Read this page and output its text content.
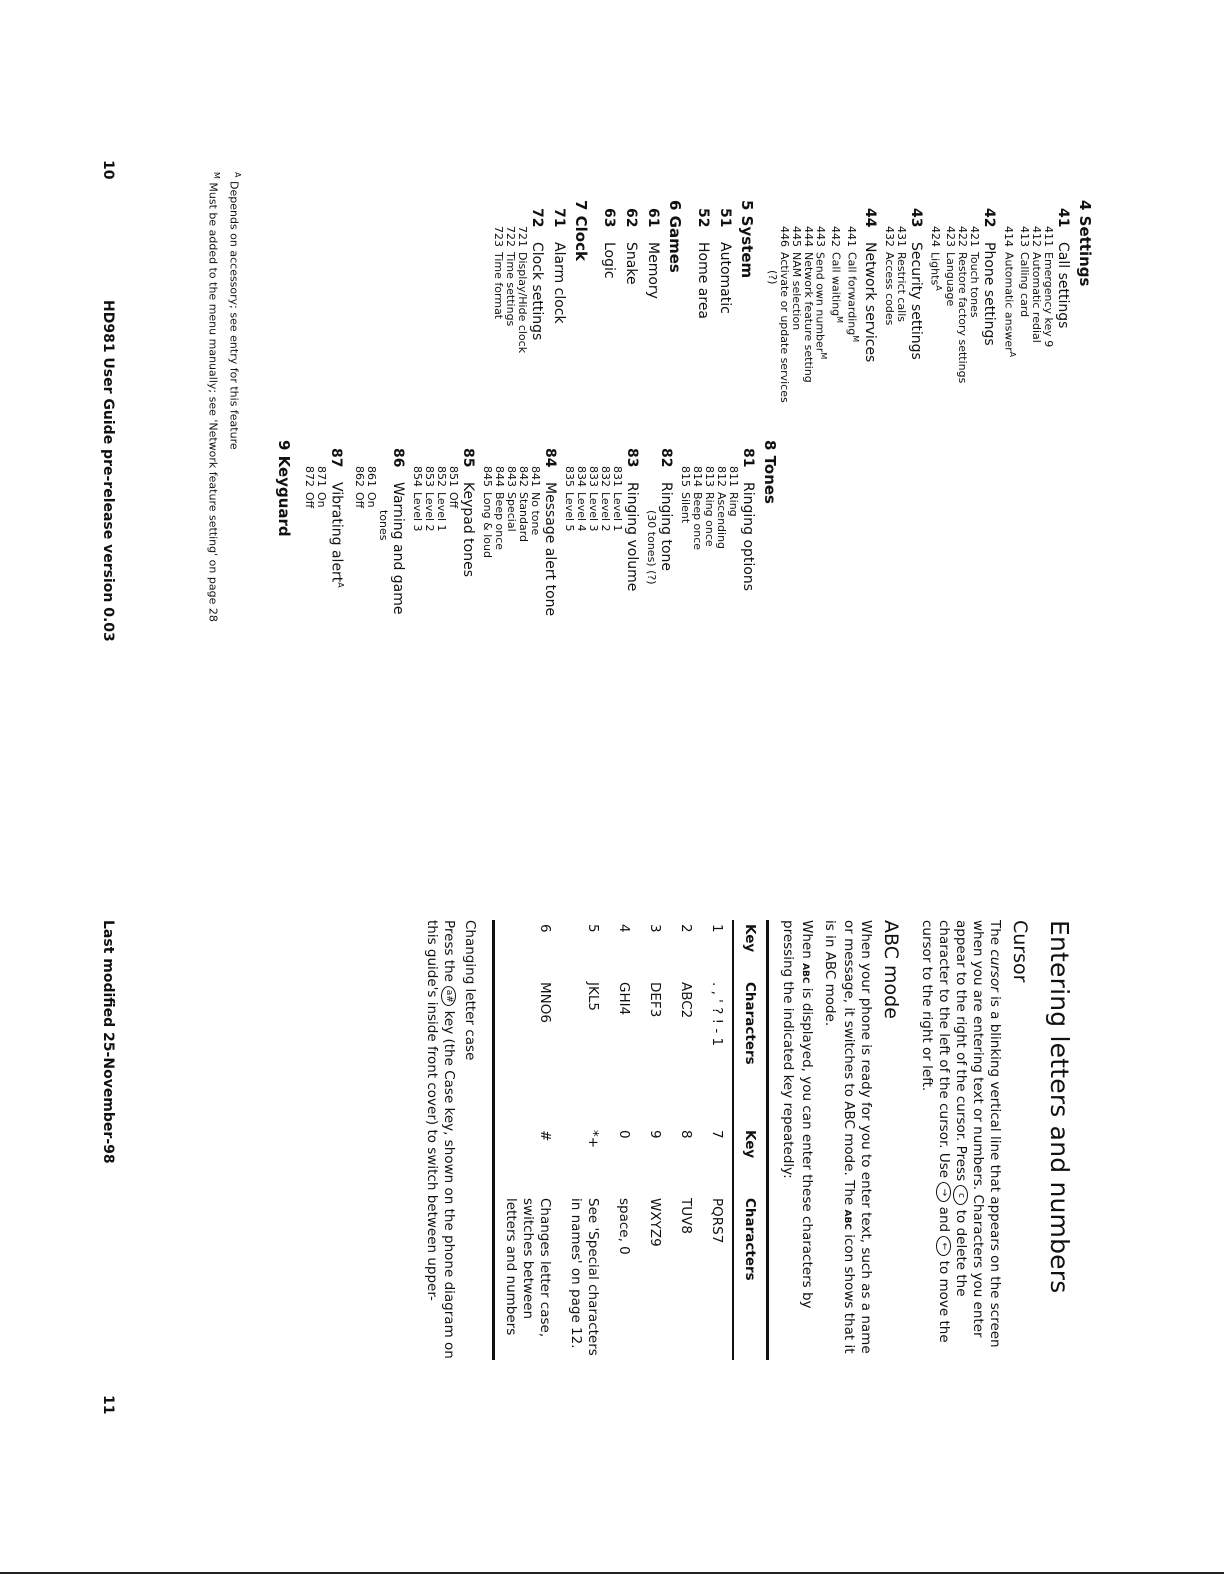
4 Settings
41Call settings
411Emergency key 9
412Automatic redial
413Calling card
414Automatic answer$^A$
42Phone settings
421Touch tones
422Restore factory settings
423Language
424Lights$^A$
43Security settings
431Restrict calls
432Access codes
44Network services
441Call forwarding$^M$
442Call waiting$^M$
443Send own number$^M$
444Network feature setting
445NAM selection
446Activate or update services
(?)
5 System
51Automatic
52Home area
6 Games
61Memory
62Snake
63Logic
7 Clock
71Alarm clock
72Clock settings
721Display/Hide clock
722Time settings
723Time format
8 Tones
81Ringing options
811Ring
812Ascending
813Ring once
814Beep once
815Silent
82Ringing tone
(30 tones) (?)
83Ringing volume
831Level 1
832Level 2
833Level 3
834Level 4
835Level 5
84Message alert tone
841No tone
842Standard
843Special
844Beep once
845Long & loud
85Keypad tones
851Off
852Level 1
853Level 2
854Level 3
86Warning and game
tones
861On
862Off
87Vibrating alert$^A$
871On
872Off
9 Keyguard
$^A$ Depends on accessory; see entry for this feature
$^M$ Must be added to the menu manually; see 'Network feature setting' on page 28
10
HD981 User Guide pre-release version 0.03
Entering letters and numbers
Cursor

The cursor is a blinking vertical line that appears on the screen when you are entering text or numbers. Characters you enter appear to the right of the cursor. Press c to delete the character to the left of the cursor. Use → and ← to move the cursor to the right or left.

ABC mode

When your phone is ready for you to enter text, such as a name or message, it switches to ABC mode. The ABC icon shows that it is in ABC mode.

When ABC is displayed, you can enter these characters by pressing the indicated key repeatedly:

Key	Characters	Key	Characters
1	. , ' ? ! - 1	7	PQRS7
2	ABC2	8	TUV8
3	DEF3	9	WXYZ9
4	GHI4	0	space, 0
5	JKL5	*+	See 'Special characters in names' on page 12.
6	MNO6	#	Changes letter case, switches between letters and numbers

Changing letter case

Press the a# key (the Case key, shown on the phone diagram on this guide's inside front cover) to switch between upper-

Last modified 25-November-98
11
